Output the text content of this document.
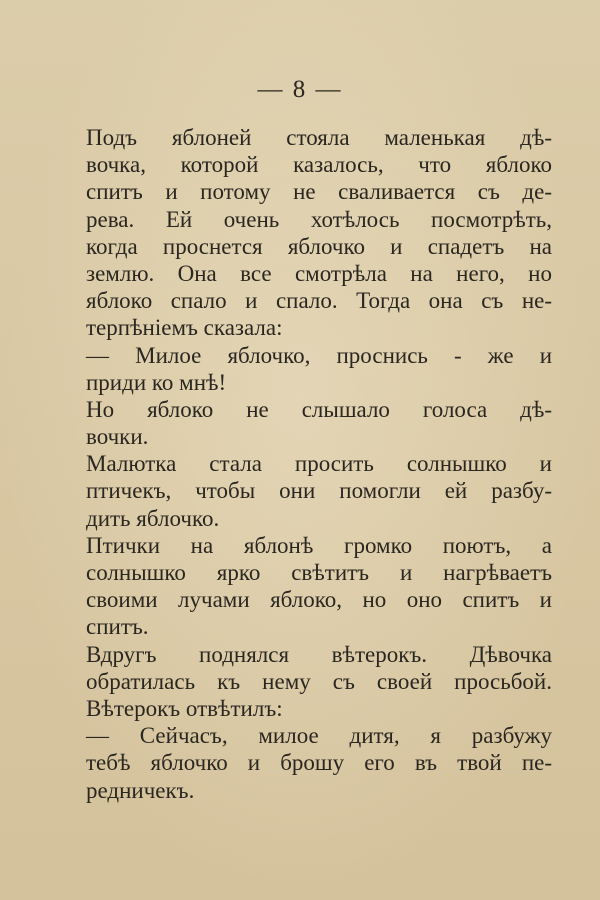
— 8 —
Подъ яблоней стояла маленькая дѣ-
вочка, которой казалось, что яблоко
спитъ и потому не сваливается съ де-
рева. Ей очень хотѣлось посмотрѣть,
когда проснется яблочко и спадетъ на
землю. Она все смотрѣла на него, но
яблоко спало и спало. Тогда она съ не-
терпѣніемъ сказала:
— Милое яблочко, проснись - же и
приди ко мнѣ!
Но яблоко не слышало голоса дѣ-
вочки.
Малютка стала просить солнышко и
птичекъ, чтобы они помогли ей разбу-
дить яблочко.
Птички на яблонѣ громко поютъ, а
солнышко ярко свѣтитъ и нагрѣваетъ
своими лучами яблоко, но оно спитъ и
спитъ.
Вдругъ поднялся вѣтерокъ. Дѣвочка
обратилась къ нему съ своей просьбой.
Вѣтерокъ отвѣтилъ:
— Сейчасъ, милое дитя, я разбужу
тебѣ яблочко и брошу его въ твой пе-
редничекъ.
